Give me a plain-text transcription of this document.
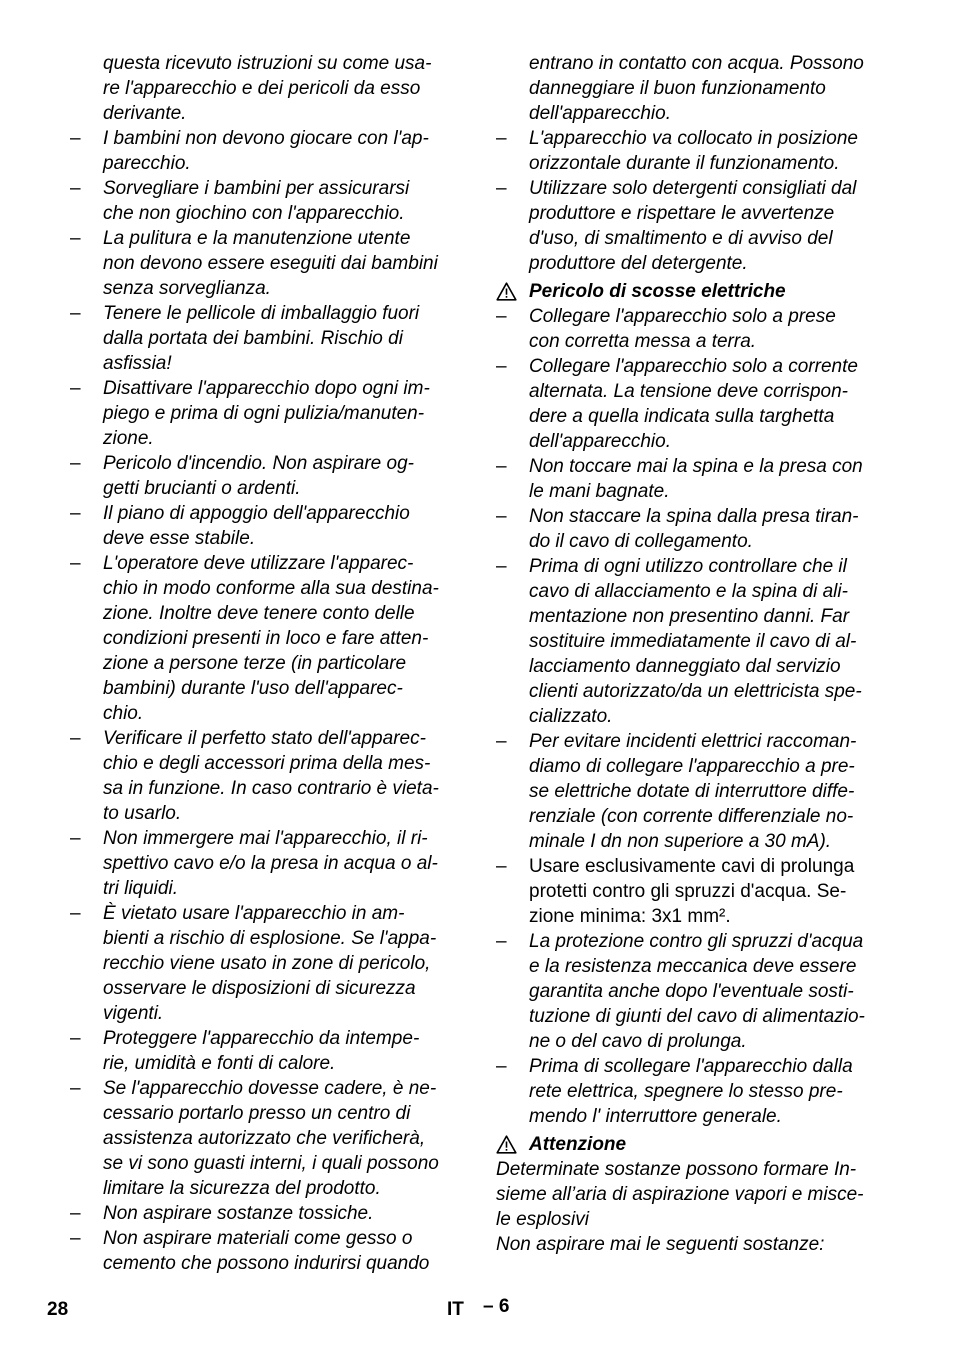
questa ricevuto istruzioni su come usa-
re l'apparecchio e dei pericoli da esso
derivante.
– I bambini non devono giocare con l'ap-
parecchio.
– Sorvegliare i bambini per assicurarsi
che non giochino con l'apparecchio.
– La pulitura e la manutenzione utente
non devono essere eseguiti dai bambini
senza sorveglianza.
– Tenere le pellicole di imballaggio fuori
dalla portata dei bambini. Rischio di
asfissia!
– Disattivare l'apparecchio dopo ogni im-
piego e prima di ogni pulizia/manuten-
zione.
– Pericolo d'incendio. Non aspirare og-
getti brucianti o ardenti.
– Il piano di appoggio dell'apparecchio
deve esse stabile.
– L'operatore deve utilizzare l'apparec-
chio in modo conforme alla sua destina-
zione. Inoltre deve tenere conto delle
condizioni presenti in loco e fare atten-
zione a persone terze (in particolare
bambini) durante l'uso dell'apparec-
chio.
– Verificare il perfetto stato dell'apparec-
chio e degli accessori prima della mes-
sa in funzione. In caso contrario è vieta-
to usarlo.
– Non immergere mai l'apparecchio, il ri-
spettivo cavo e/o la presa in acqua o al-
tri liquidi.
– È vietato usare l'apparecchio in am-
bienti a rischio di esplosione. Se l'appa-
recchio viene usato in zone di pericolo,
osservare le disposizioni di sicurezza
vigenti.
– Proteggere l'apparecchio da intempe-
rie, umidità e fonti di calore.
– Se l'apparecchio dovesse cadere, è ne-
cessario portarlo presso un centro di
assistenza autorizzato che verificherà,
se vi sono guasti interni, i quali possono
limitare la sicurezza del prodotto.
– Non aspirare sostanze tossiche.
– Non aspirare materiali come gesso o
cemento che possono indurirsi quando
entrano in contatto con acqua. Possono
danneggiare il buon funzionamento
dell'apparecchio.
– L'apparecchio va collocato in posizione
orizzontale durante il funzionamento.
– Utilizzare solo detergenti consigliati dal
produttore e rispettare le avvertenze
d'uso, di smaltimento e di avviso del
produttore del detergente.
Pericolo di scosse elettriche
– Collegare l'apparecchio solo a prese
con corretta messa a terra.
– Collegare l'apparecchio solo a corrente
alternata. La tensione deve corrispon-
dere a quella indicata sulla targhetta
dell'apparecchio.
– Non toccare mai la spina e la presa con
le mani bagnate.
– Non staccare la spina dalla presa tiran-
do il cavo di collegamento.
– Prima di ogni utilizzo controllare che il
cavo di allacciamento e la spina di ali-
mentazione non presentino danni. Far
sostituire immediatamente il cavo di al-
lacciamento danneggiato dal servizio
clienti autorizzato/da un elettricista spe-
cializzato.
– Per evitare incidenti elettrici raccoman-
diamo di collegare l'apparecchio a pre-
se elettriche dotate di interruttore diffe-
renziale (con corrente differenziale no-
minale I dn non superiore a 30 mA).
– Usare esclusivamente cavi di prolunga
protetti contro gli spruzzi d'acqua. Se-
zione minima: 3x1 mm².
– La protezione contro gli spruzzi d'acqua
e la resistenza meccanica deve essere
garantita anche dopo l'eventuale sosti-
tuzione di giunti del cavo di alimentazio-
ne o del cavo di prolunga.
– Prima di scollegare l'apparecchio dalla
rete elettrica, spegnere lo stesso pre-
mendo l' interruttore generale.
Attenzione
Determinate sostanze possono formare In-
sieme all’aria di aspirazione vapori e misce-
le esplosivi
Non aspirare mai le seguenti sostanze:
28	IT – 6
